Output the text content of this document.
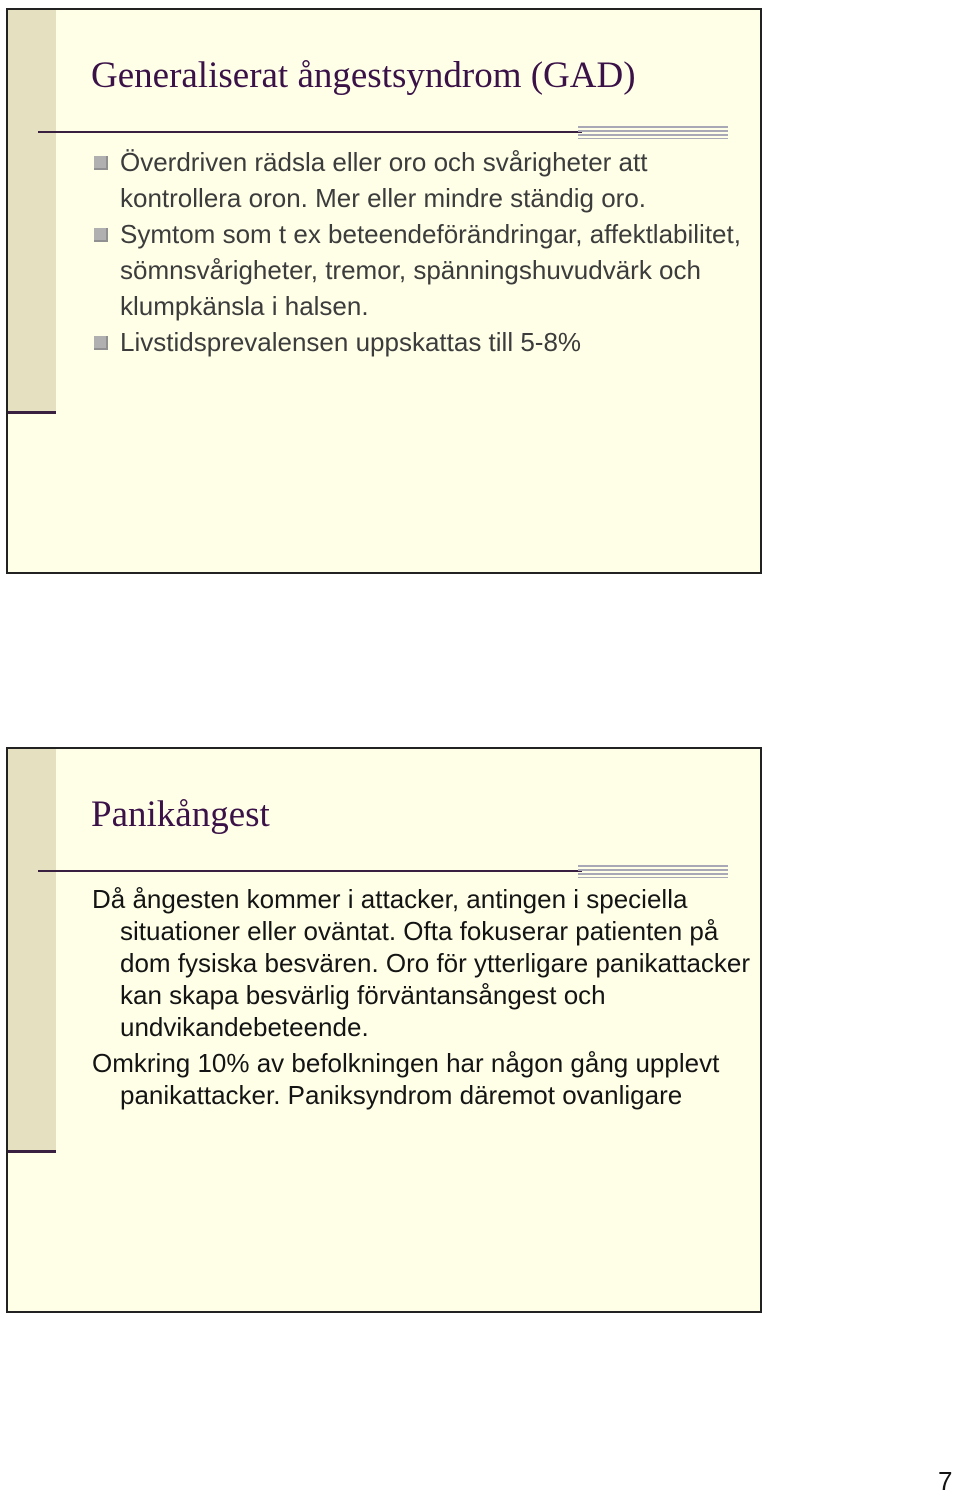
Generaliserat ångestsyndrom (GAD)
Överdriven rädsla eller oro och svårigheter att kontrollera oron. Mer eller mindre ständig oro.
Symtom som t ex beteendeförändringar, affektlabilitet, sömnsvårigheter, tremor, spänningshuvudvärk och klumpkänsla i halsen.
Livstidsprevalensen uppskattas till 5-8%
Panikångest

Då ångesten kommer i attacker, antingen i speciella situationer eller oväntat. Ofta fokuserar patienten på dom fysiska besvären. Oro för ytterligare panikattacker kan skapa besvärlig förväntansångest och undvikandebeteende.

Omkring 10% av befolkningen har någon gång upplevt panikattacker. Paniksyndrom däremot ovanligare

7
